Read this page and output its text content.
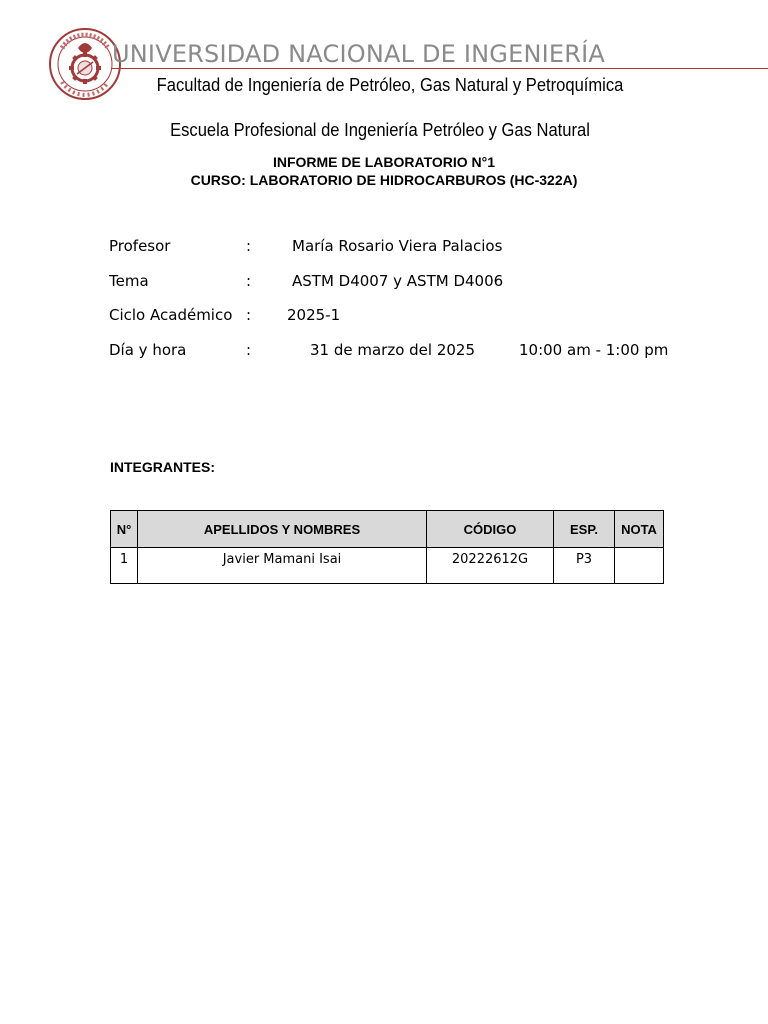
UNIVERSIDAD NACIONAL DE INGENIERÍA
Facultad de Ingeniería de Petróleo, Gas Natural y Petroquímica
Escuela Profesional de Ingeniería Petróleo y Gas Natural
INFORME DE LABORATORIO N°1
CURSO: LABORATORIO DE HIDROCARBUROS (HC-322A)
Profesor	:	María Rosario Viera Palacios
Tema	:	ASTM D4007 y ASTM D4006
Ciclo Académico : 2025-1
Día y hora	:	31 de marzo del 2025	10:00 am - 1:00 pm
INTEGRANTES:
N°	APELLIDOS Y NOMBRES	CÓDIGO	ESP.	NOTA
1	Javier Mamani Isai	20222612G	P3	
